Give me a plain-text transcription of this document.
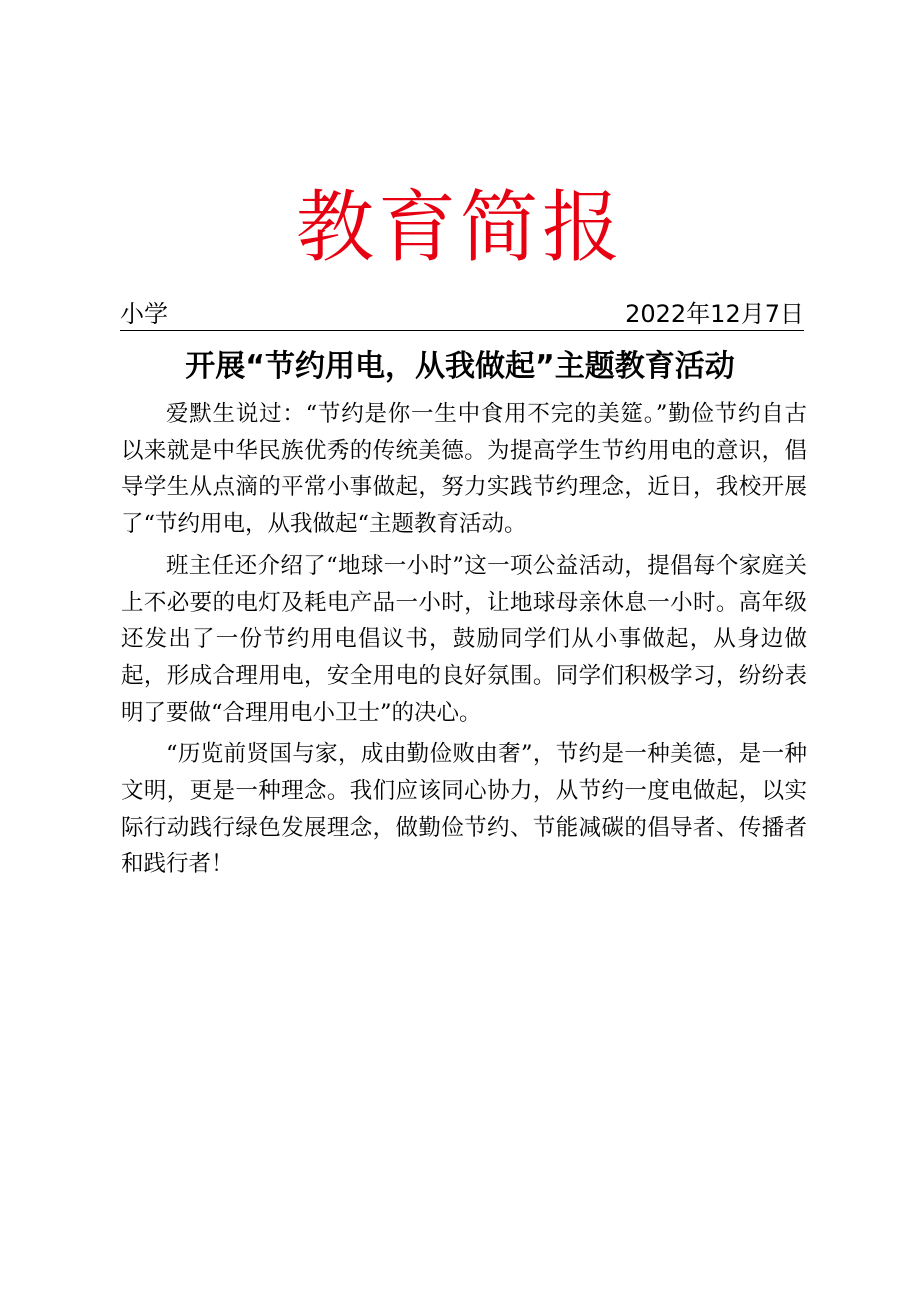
教育简报
小学	2022年12月7日
开展“节约用电，从我做起”主题教育活动

爱默生说过：“节约是你一生中食用不完的美筵。”勤俭节约自古以来就是中华民族优秀的传统美德。为提高学生节约用电的意识，倡导学生从点滴的平常小事做起，努力实践节约理念，近日，我校开展了“节约用电，从我做起“主题教育活动。

班主任还介绍了“地球一小时”这一项公益活动，提倡每个家庭关上不必要的电灯及耗电产品一小时，让地球母亲休息一小时。高年级还发出了一份节约用电倡议书，鼓励同学们从小事做起，从身边做起，形成合理用电，安全用电的良好氛围。同学们积极学习，纷纷表明了要做“合理用电小卫士”的决心。

“历览前贤国与家，成由勤俭败由奢”，节约是一种美德，是一种文明，更是一种理念。我们应该同心协力，从节约一度电做起，以实际行动践行绿色发展理念，做勤俭节约、节能减碳的倡导者、传播者和践行者！
